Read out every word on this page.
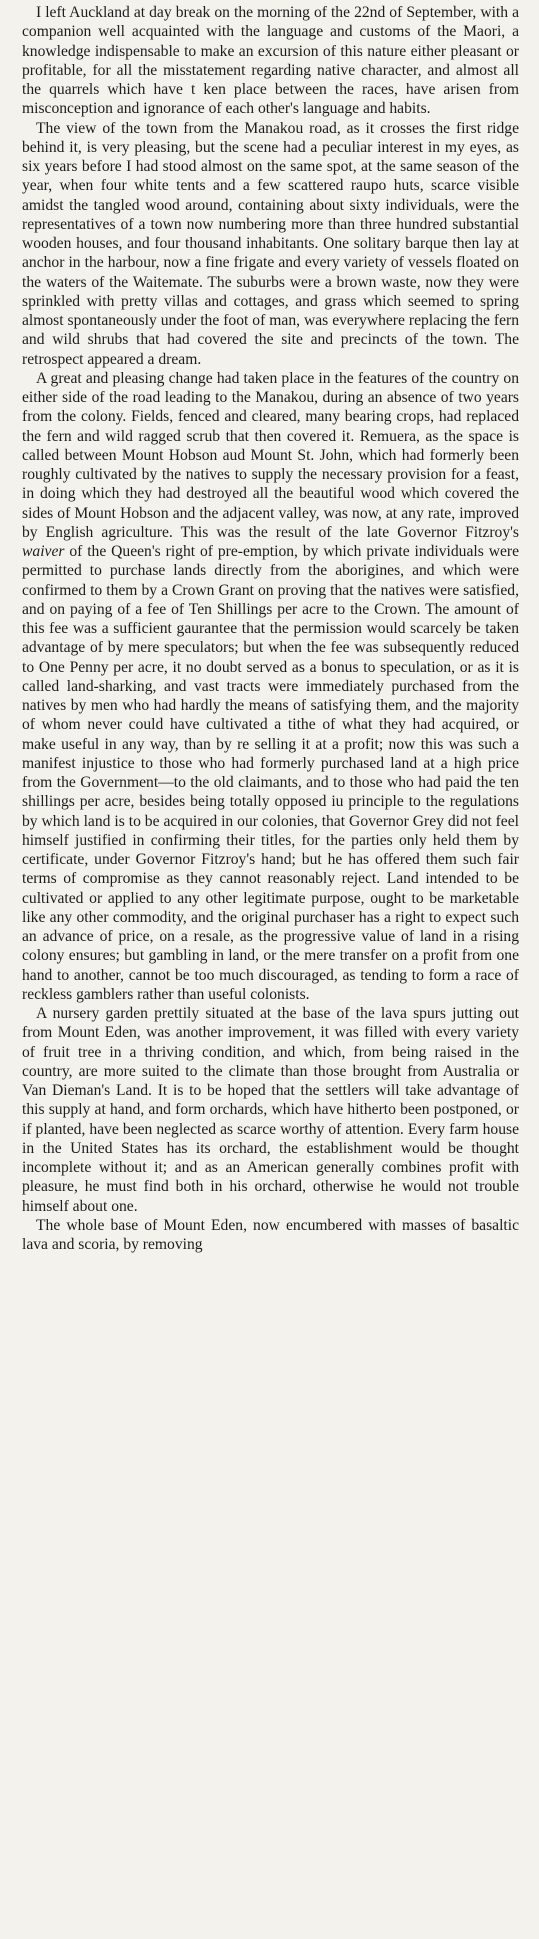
I left Auckland at day break on the morning of the 22nd of September, with a companion well acquainted with the language and customs of the Maori, a knowledge indispensable to make an excursion of this nature either pleasant or profitable, for all the misstatement regarding native character, and almost all the quarrels which have t ken place between the races, have arisen from misconception and ignorance of each other's language and habits.

The view of the town from the Manakou road, as it crosses the first ridge behind it, is very pleasing, but the scene had a peculiar interest in my eyes, as six years before I had stood almost on the same spot, at the same season of the year, when four white tents and a few scattered raupo huts, scarce visible amidst the tangled wood around, containing about sixty individuals, were the representatives of a town now numbering more than three hundred substantial wooden houses, and four thousand inhabitants. One solitary barque then lay at anchor in the harbour, now a fine frigate and every variety of vessels floated on the waters of the Waitemate. The suburbs were a brown waste, now they were sprinkled with pretty villas and cottages, and grass which seemed to spring almost spontaneously under the foot of man, was everywhere replacing the fern and wild shrubs that had covered the site and precincts of the town. The retrospect appeared a dream.

A great and pleasing change had taken place in the features of the country on either side of the road leading to the Manakou, during an absence of two years from the colony. Fields, fenced and cleared, many bearing crops, had replaced the fern and wild ragged scrub that then covered it. Remuera, as the space is called between Mount Hobson aud Mount St. John, which had formerly been roughly cultivated by the natives to supply the necessary provision for a feast, in doing which they had destroyed all the beautiful wood which covered the sides of Mount Hobson and the adjacent valley, was now, at any rate, improved by English agriculture. This was the result of the late Governor Fitzroy's waiver of the Queen's right of pre-emption, by which private individuals were permitted to purchase lands directly from the aborigines, and which were confirmed to them by a Crown Grant on proving that the natives were satisfied, and on paying of a fee of Ten Shillings per acre to the Crown. The amount of this fee was a sufficient gaurantee that the permission would scarcely be taken advantage of by mere speculators; but when the fee was subsequently reduced to One Penny per acre, it no doubt served as a bonus to speculation, or as it is called land-sharking, and vast tracts were immediately purchased from the natives by men who had hardly the means of satisfying them, and the majority of whom never could have cultivated a tithe of what they had acquired, or make useful in any way, than by re selling it at a profit; now this was such a manifest injustice to those who had formerly purchased land at a high price from the Government—to the old claimants, and to those who had paid the ten shillings per acre, besides being totally opposed iu principle to the regulations by which land is to be acquired in our colonies, that Governor Grey did not feel himself justified in confirming their titles, for the parties only held them by certificate, under Governor Fitzroy's hand; but he has offered them such fair terms of compromise as they cannot reasonably reject. Land intended to be cultivated or applied to any other legitimate purpose, ought to be marketable like any other commodity, and the original purchaser has a right to expect such an advance of price, on a resale, as the progressive value of land in a rising colony ensures; but gambling in land, or the mere transfer on a profit from one hand to another, cannot be too much discouraged, as tending to form a race of reckless gamblers rather than useful colonists.

A nursery garden prettily situated at the base of the lava spurs jutting out from Mount Eden, was another improvement, it was filled with every variety of fruit tree in a thriving condition, and which, from being raised in the country, are more suited to the climate than those brought from Australia or Van Dieman's Land. It is to be hoped that the settlers will take advantage of this supply at hand, and form orchards, which have hitherto been postponed, or if planted, have been neglected as scarce worthy of attention. Every farm house in the United States has its orchard, the establishment would be thought incomplete without it; and as an American generally combines profit with pleasure, he must find both in his orchard, otherwise he would not trouble himself about one.

The whole base of Mount Eden, now encumbered with masses of basaltic lava and scoria, by removing
